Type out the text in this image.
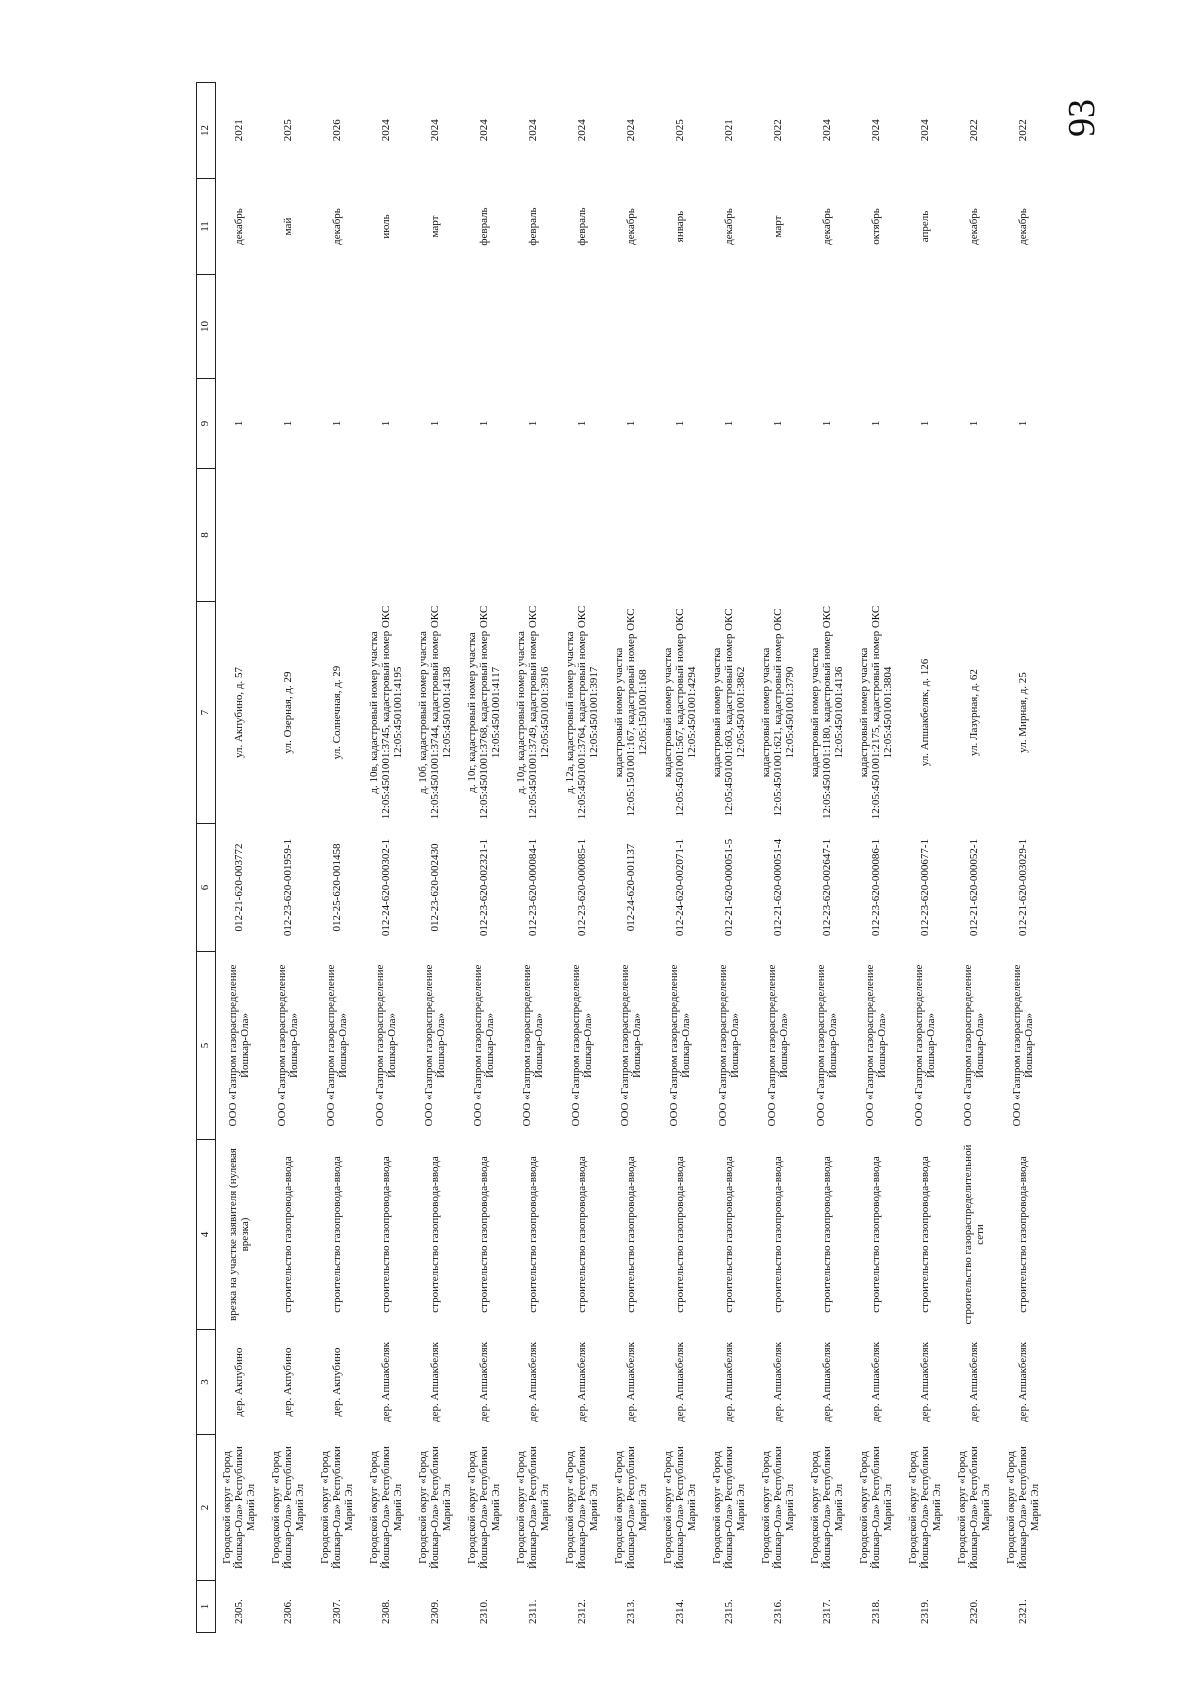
93
1	2	3	4	5	6	7	8	9	10	11	12
2305.	Городской округ «Город Йошкар-Ола» Республики Марий Эл	дер. Акпубино	врезка на участке заявителя (нулевая врезка)	ООО «Газпром газораспределение Йошкар-Ола»	012-21-620-003772	ул. Акпубино, д. 57		1		декабрь	2021
2306.	Городской округ «Город Йошкар-Ола» Республики Марий Эл	дер. Акпубино	строительство газопровода-ввода	ООО «Газпром газораспределение Йошкар-Ола»	012-23-620-001959-1	ул. Озерная, д. 29		1		май	2025
2307.	Городской округ «Город Йошкар-Ола» Республики Марий Эл	дер. Акпубино	строительство газопровода-ввода	ООО «Газпром газораспределение Йошкар-Ола»	012-25-620-001458	ул. Солнечная, д. 29		1		декабрь	2026
2308.	Городской округ «Город Йошкар-Ола» Республики Марий Эл	дер. Апшакбеляк	строительство газопровода-ввода	ООО «Газпром газораспределение Йошкар-Ола»	012-24-620-000302-1	д. 10в, кадастровый номер участка 12:05:4501001:3745, кадастровый номер ОКС 12:05:4501001:4195		1		июль	2024
2309.	Городской округ «Город Йошкар-Ола» Республики Марий Эл	дер. Апшакбеляк	строительство газопровода-ввода	ООО «Газпром газораспределение Йошкар-Ола»	012-23-620-002430	д. 10б, кадастровый номер участка 12:05:4501001:3744, кадастровый номер ОКС 12:05:4501001:4138		1		март	2024
2310.	Городской округ «Город Йошкар-Ола» Республики Марий Эл	дер. Апшакбеляк	строительство газопровода-ввода	ООО «Газпром газораспределение Йошкар-Ола»	012-23-620-002321-1	д. 10г, кадастровый номер участка 12:05:4501001:3768, кадастровый номер ОКС 12:05:4501001:4117		1		февраль	2024
2311.	Городской округ «Город Йошкар-Ола» Республики Марий Эл	дер. Апшакбеляк	строительство газопровода-ввода	ООО «Газпром газораспределение Йошкар-Ола»	012-23-620-000084-1	д. 10д, кадастровый номер участка 12:05:4501001:3749, кадастровый номер ОКС 12:05:4501001:3916		1		февраль	2024
2312.	Городской округ «Город Йошкар-Ола» Республики Марий Эл	дер. Апшакбеляк	строительство газопровода-ввода	ООО «Газпром газораспределение Йошкар-Ола»	012-23-620-000085-1	д. 12а, кадастровый номер участка 12:05:4501001:3764, кадастровый номер ОКС 12:05:4501001:3917		1		февраль	2024
2313.	Городской округ «Город Йошкар-Ола» Республики Марий Эл	дер. Апшакбеляк	строительство газопровода-ввода	ООО «Газпром газораспределение Йошкар-Ола»	012-24-620-001137	кадастровый номер участка 12:05:1501001:167, кадастровый номер ОКС 12:05:1501001:168		1		декабрь	2024
2314.	Городской округ «Город Йошкар-Ола» Республики Марий Эл	дер. Апшакбеляк	строительство газопровода-ввода	ООО «Газпром газораспределение Йошкар-Ола»	012-24-620-002071-1	кадастровый номер участка 12:05:4501001:567, кадастровый номер ОКС 12:05:4501001:4294		1		январь	2025
2315.	Городской округ «Город Йошкар-Ола» Республики Марий Эл	дер. Апшакбеляк	строительство газопровода-ввода	ООО «Газпром газораспределение Йошкар-Ола»	012-21-620-000051-5	кадастровый номер участка 12:05:4501001:603, кадастровый номер ОКС 12:05:4501001:3862		1		декабрь	2021
2316.	Городской округ «Город Йошкар-Ола» Республики Марий Эл	дер. Апшакбеляк	строительство газопровода-ввода	ООО «Газпром газораспределение Йошкар-Ола»	012-21-620-000051-4	кадастровый номер участка 12:05:4501001:621, кадастровый номер ОКС 12:05:4501001:3790		1		март	2022
2317.	Городской округ «Город Йошкар-Ола» Республики Марий Эл	дер. Апшакбеляк	строительство газопровода-ввода	ООО «Газпром газораспределение Йошкар-Ола»	012-23-620-002647-1	кадастровый номер участка 12:05:4501001:1180, кадастровый номер ОКС 12:05:4501001:4136		1		декабрь	2024
2318.	Городской округ «Город Йошкар-Ола» Республики Марий Эл	дер. Апшакбеляк	строительство газопровода-ввода	ООО «Газпром газораспределение Йошкар-Ола»	012-23-620-000086-1	кадастровый номер участка 12:05:4501001:2175, кадастровый номер ОКС 12:05:4501001:3804		1		октябрь	2024
2319.	Городской округ «Город Йошкар-Ола» Республики Марий Эл	дер. Апшакбеляк	строительство газопровода-ввода	ООО «Газпром газораспределение Йошкар-Ола»	012-23-620-000677-1	ул. Апшакбеляк, д. 126		1		апрель	2024
2320.	Городской округ «Город Йошкар-Ола» Республики Марий Эл	дер. Апшакбеляк	строительство газораспределительной сети	ООО «Газпром газораспределение Йошкар-Ола»	012-21-620-000052-1	ул. Лазурная, д. 62		1		декабрь	2022
2321.	Городской округ «Город Йошкар-Ола» Республики Марий Эл	дер. Апшакбеляк	строительство газопровода-ввода	ООО «Газпром газораспределение Йошкар-Ола»	012-21-620-003029-1	ул. Мирная, д. 25		1		декабрь	2022
